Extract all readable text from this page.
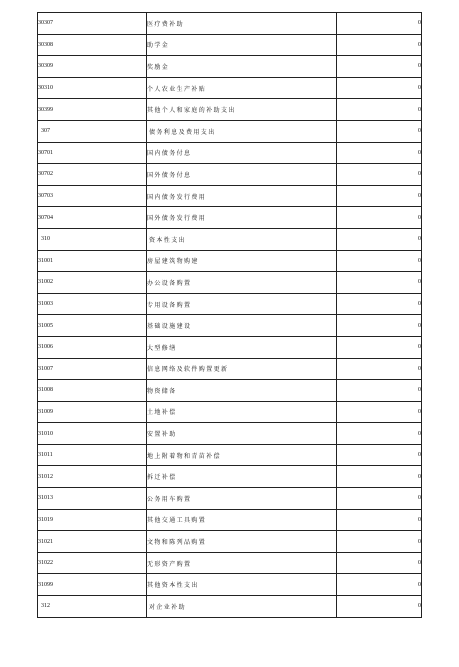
30307	医疗费补助	0
30308	助学金	0
30309	奖励金	0
30310	个人农业生产补贴	0
30399	其他个人和家庭的补助支出	0
307	债务利息及费用支出	0
30701	国内债务付息	0
30702	国外债务付息	0
30703	国内债务发行费用	0
30704	国外债务发行费用	0
310	资本性支出	0
31001	房屋建筑物购建	0
31002	办公设备购置	0
31003	专用设备购置	0
31005	基础设施建设	0
31006	大型修缮	0
31007	信息网络及软件购置更新	0
31008	物资储备	0
31009	土地补偿	0
31010	安置补助	0
31011	地上附着物和青苗补偿	0
31012	拆迁补偿	0
31013	公务用车购置	0
31019	其他交通工具购置	0
31021	文物和陈列品购置	0
31022	无形资产购置	0
31099	其他资本性支出	0
312	对企业补助	0
